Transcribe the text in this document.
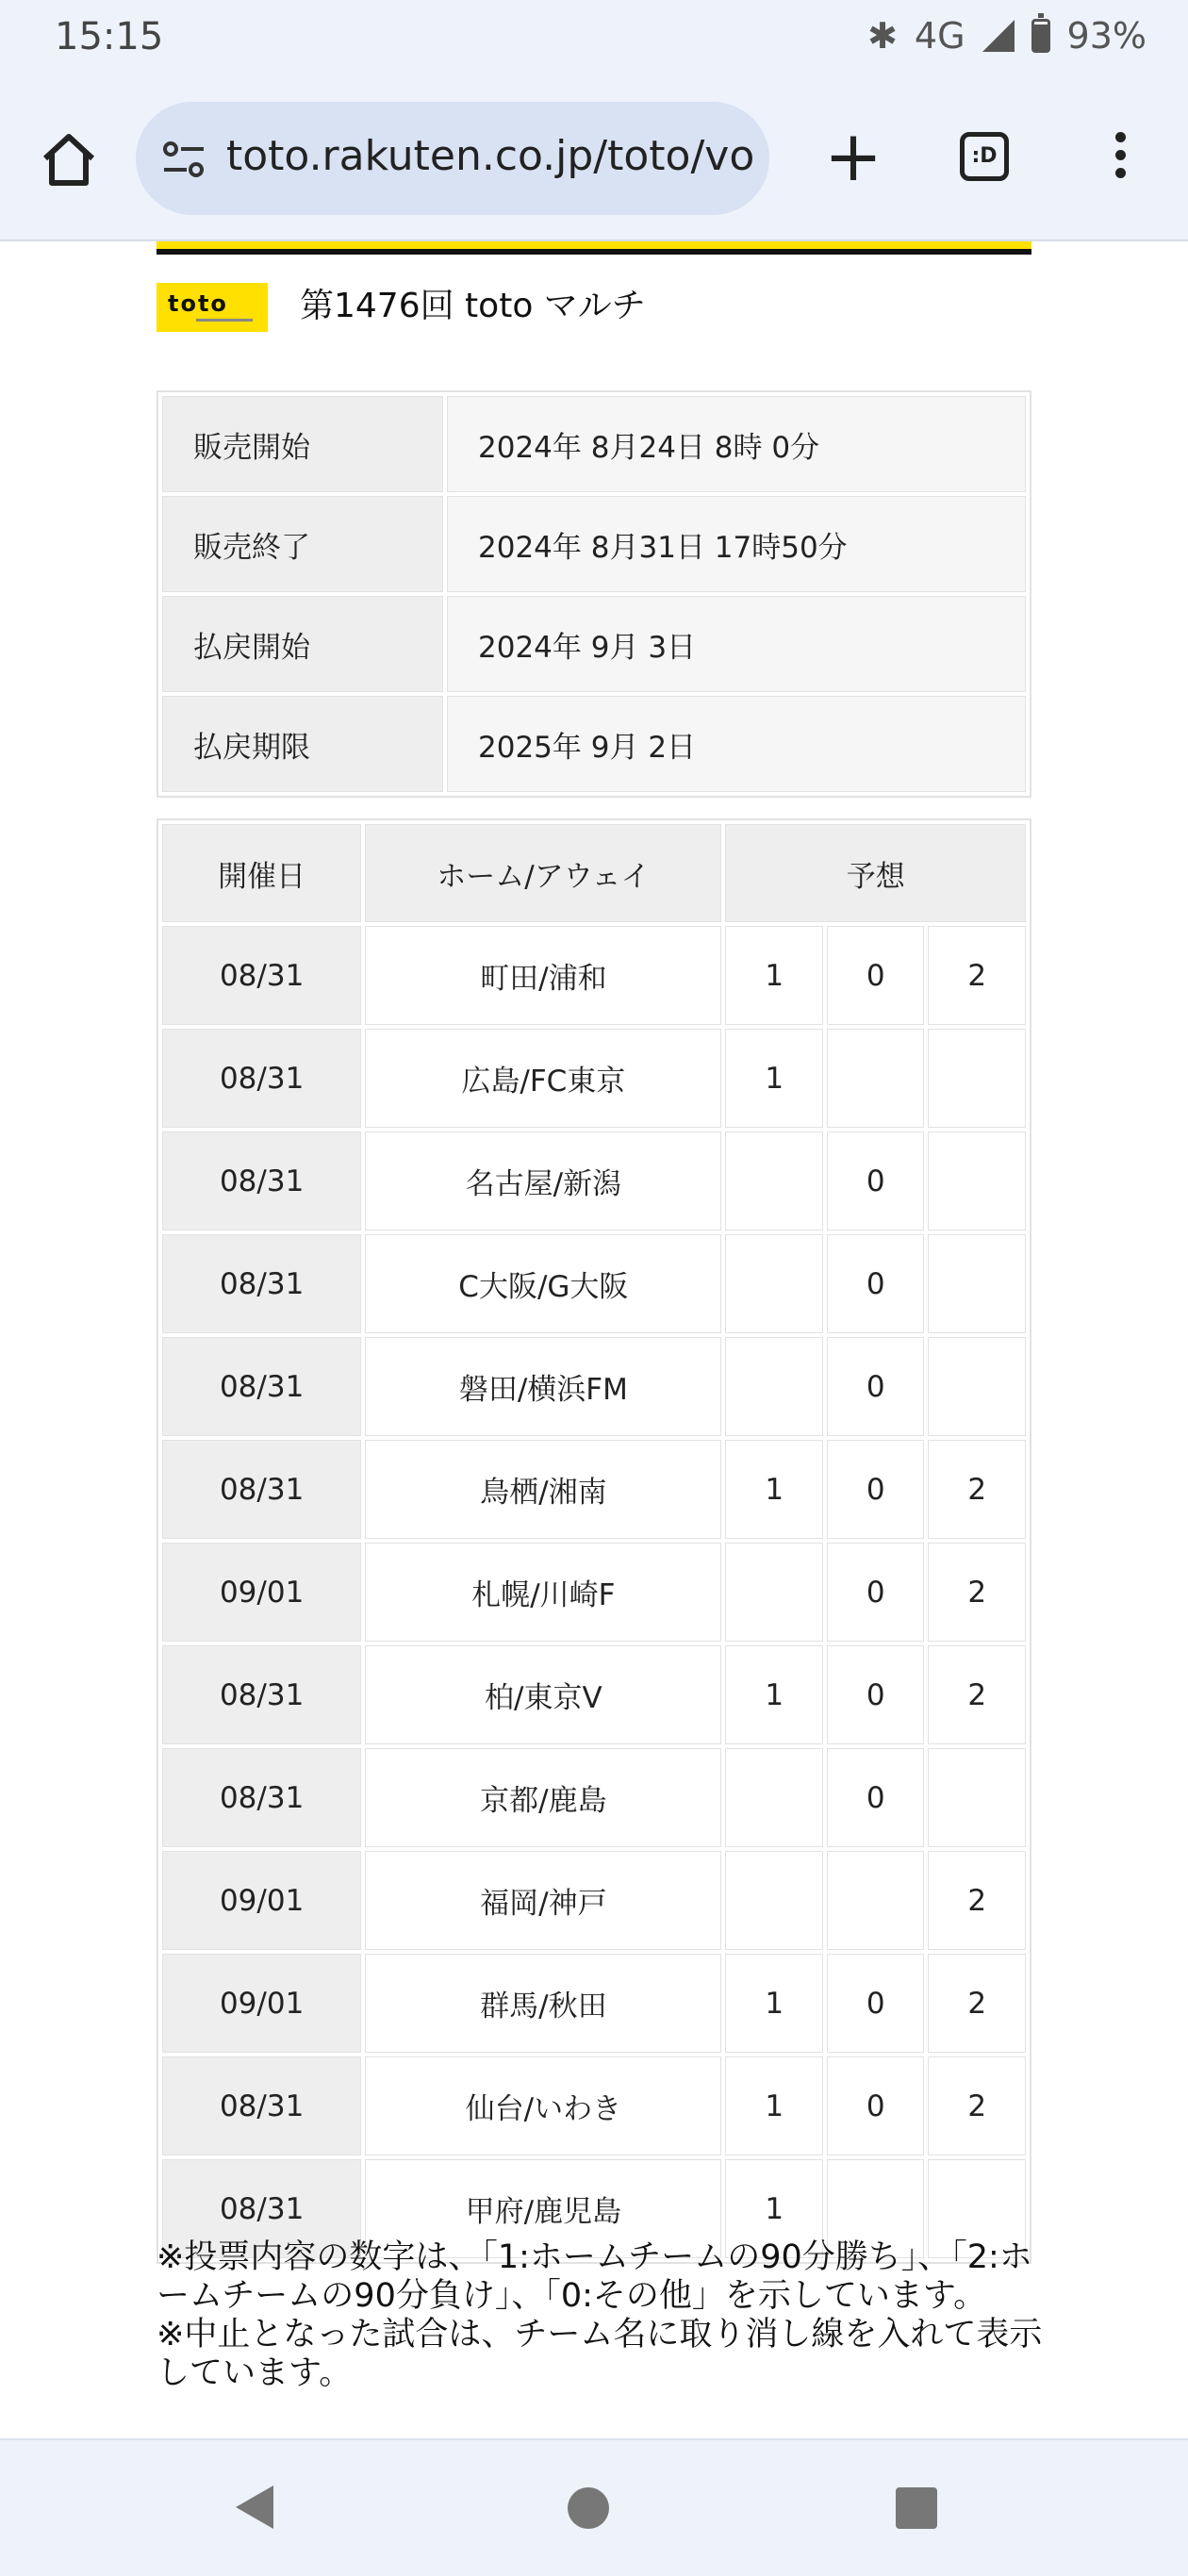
15:15	✱ 4G	93%
toto.rakuten.co.jp/toto/vo +	:D
toto 第1476回 toto マルチ
販売開始	2024年 8月24日 8時 0分
販売終了	2024年 8月31日 17時50分
払戻開始	2024年 9月 3日
払戻期限	2025年 9月 2日
開催日	ホーム/アウェイ	予想		
08/31	町田/浦和	1	0	2
08/31	広島/FC東京	1		
08/31	名古屋/新潟		0	
08/31	C大阪/G大阪		0	
08/31	磐田/横浜FM		0	
08/31	鳥栖/湘南	1	0	2
09/01	札幌/川崎F		0	2
08/31	柏/東京V	1	0	2
08/31	京都/鹿島		0	
09/01	福岡/神戸			2
09/01	群馬/秋田	1	0	2
08/31	仙台/いわき	1	0	2
08/31	甲府/鹿児島	1		
※投票内容の数字は、「1:ホームチームの90分勝ち」、「2:ホームチームの90分負け」、「0:その他」を示しています。
※中止となった試合は、チーム名に取り消し線を入れて表示しています。
